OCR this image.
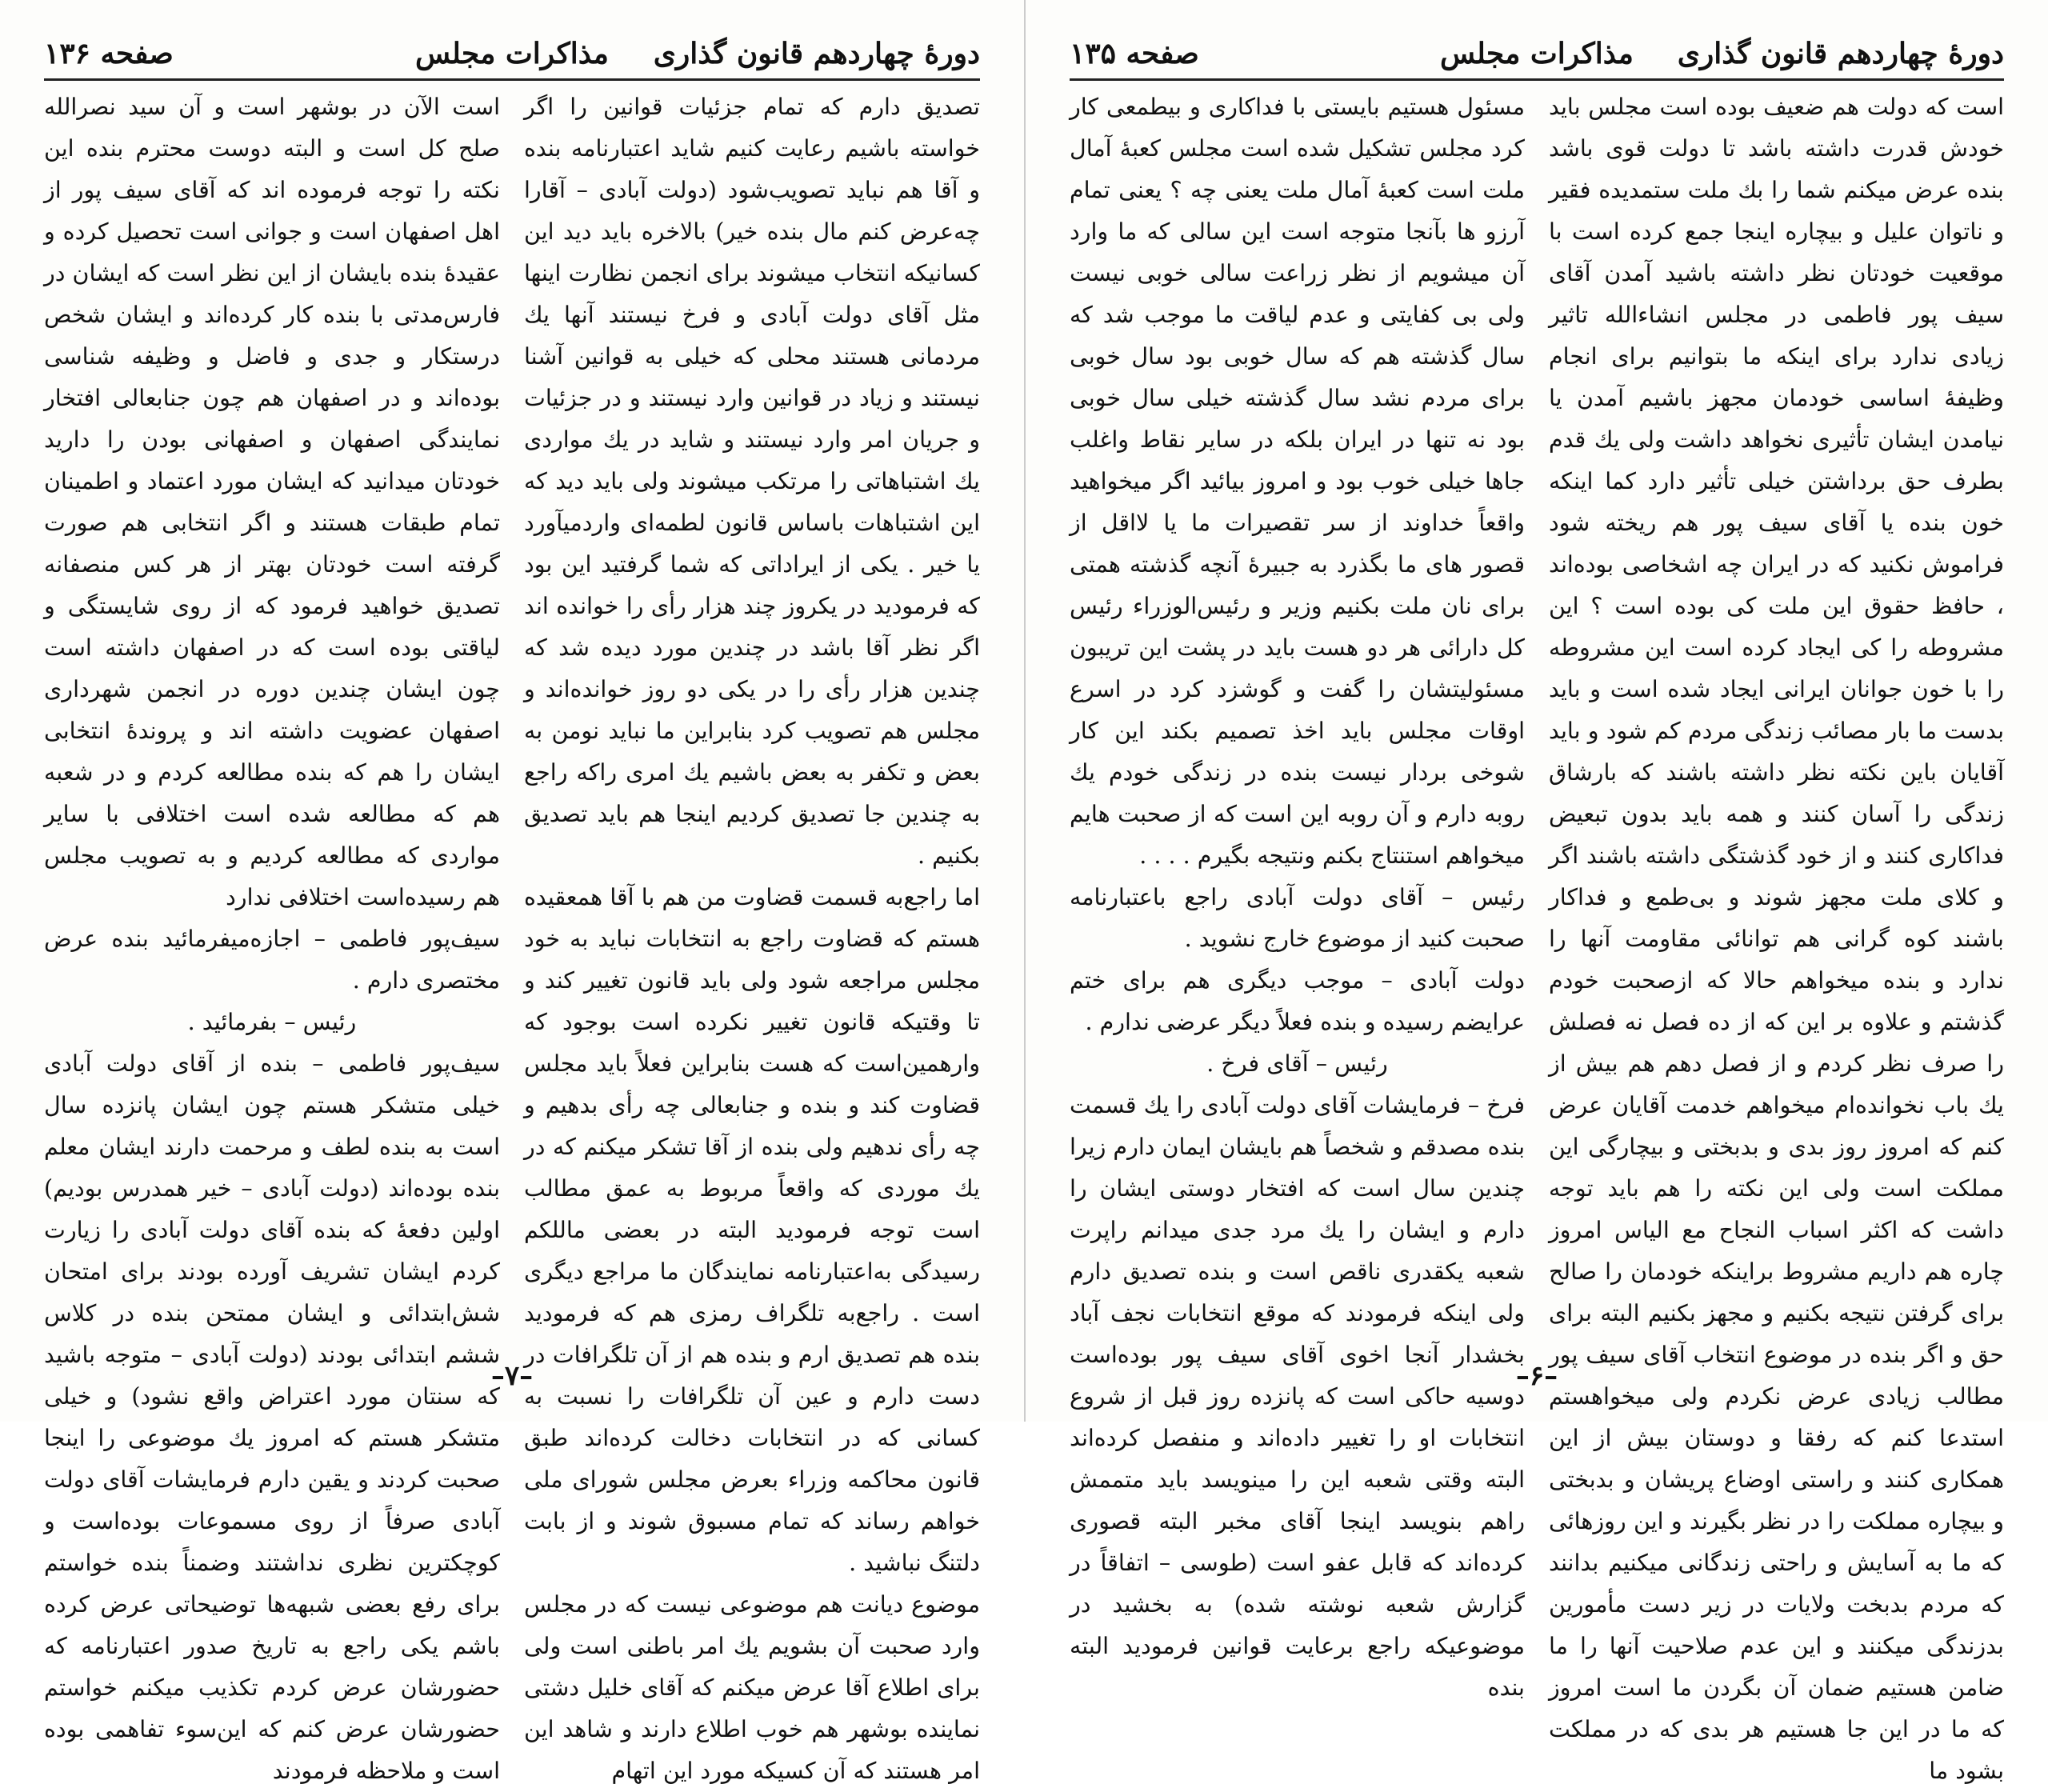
دورهٔ چهاردهم قانون گذاری
مذاکرات مجلس
صفحه ۱۳۶

تصدیق دارم که تمام جزئیات قوانین را اگر خواسته باشیم رعایت کنیم شاید اعتبارنامه بنده و آقا هم نباید تصویب‌شود (دولت آبادی – آقارا چه‌عرض کنم مال بنده خیر) بالاخره باید دید این کسانیکه انتخاب میشوند برای انجمن نظارت اینها مثل آقای دولت آبادی و فرخ نیستند آنها یك مردمانی هستند محلی که خیلی به قوانین آشنا نیستند و زیاد در قوانین وارد نیستند و در جزئیات و جریان امر وارد نیستند و شاید در یك مواردی یك اشتباهاتی را مرتکب میشوند ولی باید دید که این اشتباهات باساس قانون لطمه‌ای واردمیآورد یا خیر . یکی از ایراداتی که شما گرفتید این بود که فرمودید در یکروز چند هزار رأی را خوانده اند اگر نظر آقا باشد در چندین مورد دیده شد که چندین هزار رأی را در یکی دو روز خوانده‌اند و مجلس هم تصویب کرد بنابراین ما نباید نومن به بعض و تکفر به بعض باشیم یك امری راکه راجع به چندین جا تصدیق کردیم اینجا هم باید تصدیق بکنیم .

اما راجع‌به قسمت قضاوت من هم با آقا همعقیده هستم که قضاوت راجع به انتخابات نباید به خود مجلس مراجعه شود ولی باید قانون تغییر کند و تا وقتیکه قانون تغییر نکرده است بوجود که وارهمین‌است که هست بنابراین فعلاً باید مجلس قضاوت کند و بنده و جنابعالی چه رأی بدهیم و چه رأی ندهیم ولی بنده از آقا تشکر میکنم که در یك موردی که واقعاً مربوط به عمق مطالب است توجه فرمودید البته در بعضی ماللکم رسیدگی به‌اعتبارنامه نمایندگان ما مراجع دیگری است . راجع‌به تلگراف رمزی هم که فرمودید بنده هم تصدیق ارم و بنده هم از آن تلگرافات در دست دارم و عین آن تلگرافات را نسبت به کسانی که در انتخابات دخالت کرده‌اند طبق قانون محاکمه وزراء بعرض مجلس شورای ملی خواهم رساند که تمام مسبوق شوند و از بابت دلتنگ نباشید .

موضوع دیانت هم موضوعی نیست که در مجلس وارد صحبت آن بشویم یك امر باطنی است ولی برای اطلاع آقا عرض میکنم که آقای خلیل دشتی نماینده بوشهر هم خوب اطلاع دارند و شاهد این امر هستند که آن کسیکه مورد این اتهام

است الآن در بوشهر است و آن سید نصرالله صلح کل است و البته دوست محترم بنده این نکته را توجه فرموده اند که آقای سیف پور از اهل اصفهان است و جوانی است تحصیل کرده و عقیدهٔ بنده بایشان از این نظر است که ایشان در فارس‌مدتی با بنده کار کرده‌اند و ایشان شخص درستکار و جدی و فاضل و وظیفه شناسی بوده‌اند و در اصفهان هم چون جنابعالی افتخار نمایندگی اصفهان و اصفهانی بودن را دارید خودتان میدانید که ایشان مورد اعتماد و اطمینان تمام طبقات هستند و اگر انتخابی هم صورت گرفته است خودتان بهتر از هر کس منصفانه تصدیق خواهید فرمود که از روی شایستگی و لیاقتی بوده است که در اصفهان داشته است چون ایشان چندین دوره در انجمن شهرداری اصفهان عضویت داشته اند و پروندهٔ انتخابی ایشان را هم که بنده مطالعه کردم و در شعبه هم که مطالعه شده است اختلافی با سایر مواردی که مطالعه کردیم و به تصویب مجلس هم رسیده‌است اختلافی ندارد

سیف‌پور فاطمی – اجازه‌میفرمائید بنده عرض مختصری دارم .

رئیس – بفرمائید .

سیف‌پور فاطمی – بنده از آقای دولت آبادی خیلی متشکر هستم چون ایشان پانزده سال است به بنده لطف و مرحمت دارند ایشان معلم بنده بوده‌اند (دولت آبادی – خیر همدرس بودیم) اولین دفعهٔ که بنده آقای دولت آبادی را زیارت کردم ایشان تشریف آورده بودند برای امتحان شش‌ابتدائی و ایشان ممتحن بنده در کلاس ششم ابتدائی بودند (دولت آبادی – متوجه باشید که سنتان مورد اعتراض واقع نشود) و خیلی متشکر هستم که امروز یك موضوعی را اینجا صحبت کردند و یقین دارم فرمایشات آقای دولت آبادی صرفاً از روی مسموعات بوده‌است و کوچکترین نظری نداشتند وضمناً بنده خواستم برای رفع بعضی شبهه‌ها توضیحاتی عرض کرده باشم یکی راجع به تاریخ صدور اعتبارنامه که حضورشان عرض کردم تکذیب میکنم خواستم حضورشان عرض کنم که این‌سوء تفاهمی بوده است و ملاحظه فرمودند

–۷–
دورهٔ چهاردهم قانون گذاری
مذاکرات مجلس
صفحه ۱۳۵

است که دولت هم ضعیف بوده است مجلس باید خودش قدرت داشته باشد تا دولت قوی باشد بنده عرض میکنم شما را بك ملت ستمدیده فقیر و ناتوان علیل و بیچاره اینجا جمع کرده است با موقعیت خودتان نظر داشته باشید آمدن آقای سیف پور فاطمی در مجلس انشاءالله تاثیر زیادی ندارد برای اینکه ما بتوانیم برای انجام وظیفهٔ اساسی خودمان مجهز باشیم آمدن یا نیامدن ایشان تأثیری نخواهد داشت ولی یك قدم بطرف حق برداشتن خیلی تأثیر دارد کما اینکه خون بنده یا آقای سیف پور هم ریخته شود فراموش نکنید که در ایران چه اشخاصی بوده‌اند ، حافظ حقوق این ملت کی بوده است ؟ این مشروطه را کی ایجاد کرده است این مشروطه را با خون جوانان ایرانی ایجاد شده است و باید بدست ما بار مصائب زندگی مردم کم شود و باید آقایان باین نکته نظر داشته باشند که بارشاق زندگی را آسان کنند و همه باید بدون تبعیض فداکاری کنند و از خود گذشتگی داشته باشند اگر و کلای ملت مجهز شوند و بی‌طمع و فداکار باشند کوه گرانی هم توانائی مقاومت آنها را ندارد و بنده میخواهم حالا که ازصحبت خودم گذشتم و علاوه بر این که از ده فصل نه فصلش را صرف نظر کردم و از فصل دهم هم بیش از یك باب نخوانده‌ام میخواهم خدمت آقایان عرض کنم که امروز روز بدی و بدبختی و بیچارگی این مملکت است ولی این نکته را هم باید توجه داشت که اکثر اسباب النجاح مع الیاس امروز چاره هم داریم مشروط براینکه خودمان را صالح برای گرفتن نتیجه بکنیم و مجهز بکنیم البته برای حق و اگر بنده در موضوع انتخاب آقای سیف پور مطالب زیادی عرض نکردم ولی میخواهستم استدعا کنم که رفقا و دوستان بیش از این همکاری کنند و راستی اوضاع پریشان و بدبختی و بیچاره مملکت را در نظر بگیرند و این روزهائی که ما به آسایش و راحتی زندگانی میکنیم بدانند که مردم بدبخت ولایات در زیر دست مأمورین بدزندگی میکنند و این عدم صلاحیت آنها را ما ضامن هستیم ضمان آن بگردن ما است امروز که ما در این جا هستیم هر بدی که در مملکت بشود ما

مسئول هستیم بایستی با فداکاری و بیطمعی کار کرد مجلس تشکیل شده است مجلس کعبهٔ آمال ملت است کعبهٔ آمال ملت یعنی چه ؟ یعنی تمام آرزو ها بآنجا متوجه است این سالی که ما وارد آن میشویم از نظر زراعت سالی خوبی نیست ولی بی کفایتی و عدم لیاقت ما موجب شد که سال گذشته هم که سال خوبی بود سال خوبی برای مردم نشد سال گذشته خیلی سال خوبی بود نه تنها در ایران بلکه در سایر نقاط واغلب جاها خیلی خوب بود و امروز بیائید اگر میخواهید واقعاً خداوند از سر تقصیرات ما یا لااقل از قصور های ما بگذرد به جبیرهٔ آنچه گذشته همتی برای نان ملت بکنیم وزیر و رئیس‌الوزراء رئیس کل دارائی هر دو هست باید در پشت این تریبون مسئولیتشان را گفت و گوشزد کرد در اسرع اوقات مجلس باید اخذ تصمیم بکند این کار شوخی بردار نیست بنده در زندگی خودم یك روبه دارم و آن روبه این است که از صحبت هایم میخواهم استنتاج بکنم ونتیجه بگیرم . . . .

رئیس – آقای دولت آبادی راجع باعتبارنامه صحبت کنید از موضوع خارج نشوید .

دولت آبادی – موجب دیگری هم برای ختم عرایضم رسیده و بنده فعلاً دیگر عرضی ندارم .

رئیس – آقای فرخ .

فرخ – فرمایشات آقای دولت آبادی را یك قسمت بنده مصدقم و شخصاً هم بایشان ایمان دارم زیرا چندین سال است که افتخار دوستی ایشان را دارم و ایشان را یك مرد جدی میدانم راپرت شعبه یکقدری ناقص است و بنده تصدیق دارم ولی اینکه فرمودند که موقع انتخابات نجف آباد بخشدار آنجا اخوی آقای سیف پور بوده‌است دوسیه حاکی است که پانزده روز قبل از شروع انتخابات او را تغییر داده‌اند و منفصل کرده‌اند البته وقتی شعبه این را مینویسد باید متممش راهم بنویسد اینجا آقای مخبر البته قصوری کرده‌اند که قابل عفو است (طوسی – اتفاقاً در گزارش شعبه نوشته شده) به بخشید در موضوعیکه راجع برعایت قوانین فرمودید البته بنده

–۶–
